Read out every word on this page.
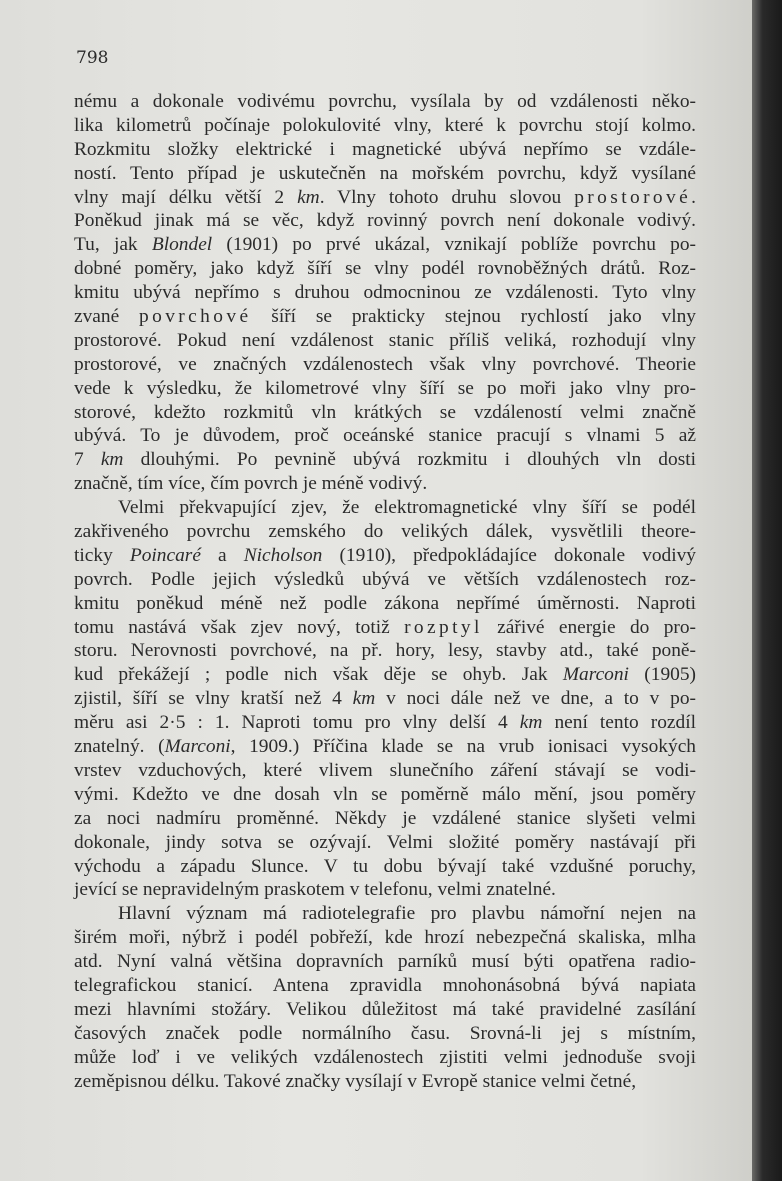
798
nému a dokonale vodivému povrchu, vysílala by od vzdálenosti něko-
lika kilometrů počínaje polokulovité vlny, které k povrchu stojí kolmo.
Rozkmitu složky elektrické i magnetické ubývá nepřímo se vzdále-
ností. Tento případ je uskutečněn na mořském povrchu, když vysílané
vlny mají délku větší 2 km. Vlny tohoto druhu slovou prostorové.
Poněkud jinak má se věc, když rovinný povrch není dokonale vodivý.
Tu, jak Blondel (1901) po prvé ukázal, vznikají poblíže povrchu po-
dobné poměry, jako když šíří se vlny podél rovnoběžných drátů. Roz-
kmitu ubývá nepřímo s druhou odmocninou ze vzdálenosti. Tyto vlny
zvané povrchové šíří se prakticky stejnou rychlostí jako vlny
prostorové. Pokud není vzdálenost stanic příliš veliká, rozhodují vlny
prostorové, ve značných vzdálenostech však vlny povrchové. Theorie
vede k výsledku, že kilometrové vlny šíří se po moři jako vlny pro-
storové, kdežto rozkmitů vln krátkých se vzdáleností velmi značně
ubývá. To je důvodem, proč oceánské stanice pracují s vlnami 5 až
7 km dlouhými. Po pevnině ubývá rozkmitu i dlouhých vln dosti
značně, tím více, čím povrch je méně vodivý.
Velmi překvapující zjev, že elektromagnetické vlny šíří se podél
zakřiveného povrchu zemského do velikých dálek, vysvětlili theore-
ticky Poincaré a Nicholson (1910), předpokládajíce dokonale vodivý
povrch. Podle jejich výsledků ubývá ve větších vzdálenostech roz-
kmitu poněkud méně než podle zákona nepřímé úměrnosti. Naproti
tomu nastává však zjev nový, totiž rozptyl zářivé energie do pro-
storu. Nerovnosti povrchové, na př. hory, lesy, stavby atd., také poně-
kud překážejí ; podle nich však děje se ohyb. Jak Marconi (1905)
zjistil, šíří se vlny kratší než 4 km v noci dále než ve dne, a to v po-
měru asi 2·5 : 1. Naproti tomu pro vlny delší 4 km není tento rozdíl
znatelný. (Marconi, 1909.) Příčina klade se na vrub ionisaci vysokých
vrstev vzduchových, které vlivem slunečního záření stávají se vodi-
vými. Kdežto ve dne dosah vln se poměrně málo mění, jsou poměry
za noci nadmíru proměnné. Někdy je vzdálené stanice slyšeti velmi
dokonale, jindy sotva se ozývají. Velmi složité poměry nastávají při
východu a západu Slunce. V tu dobu bývají také vzdušné poruchy,
jevící se nepravidelným praskotem v telefonu, velmi znatelné.
Hlavní význam má radiotelegrafie pro plavbu námořní nejen na
širém moři, nýbrž i podél pobřeží, kde hrozí nebezpečná skaliska, mlha
atd. Nyní valná většina dopravních parníků musí býti opatřena radio-
telegrafickou stanicí. Antena zpravidla mnohonásobná bývá napiata
mezi hlavními stožáry. Velikou důležitost má také pravidelné zasílání
časových značek podle normálního času. Srovná-li jej s místním,
může loď i ve velikých vzdálenostech zjistiti velmi jednoduše svoji
zeměpisnou délku. Takové značky vysílají v Evropě stanice velmi četné,
